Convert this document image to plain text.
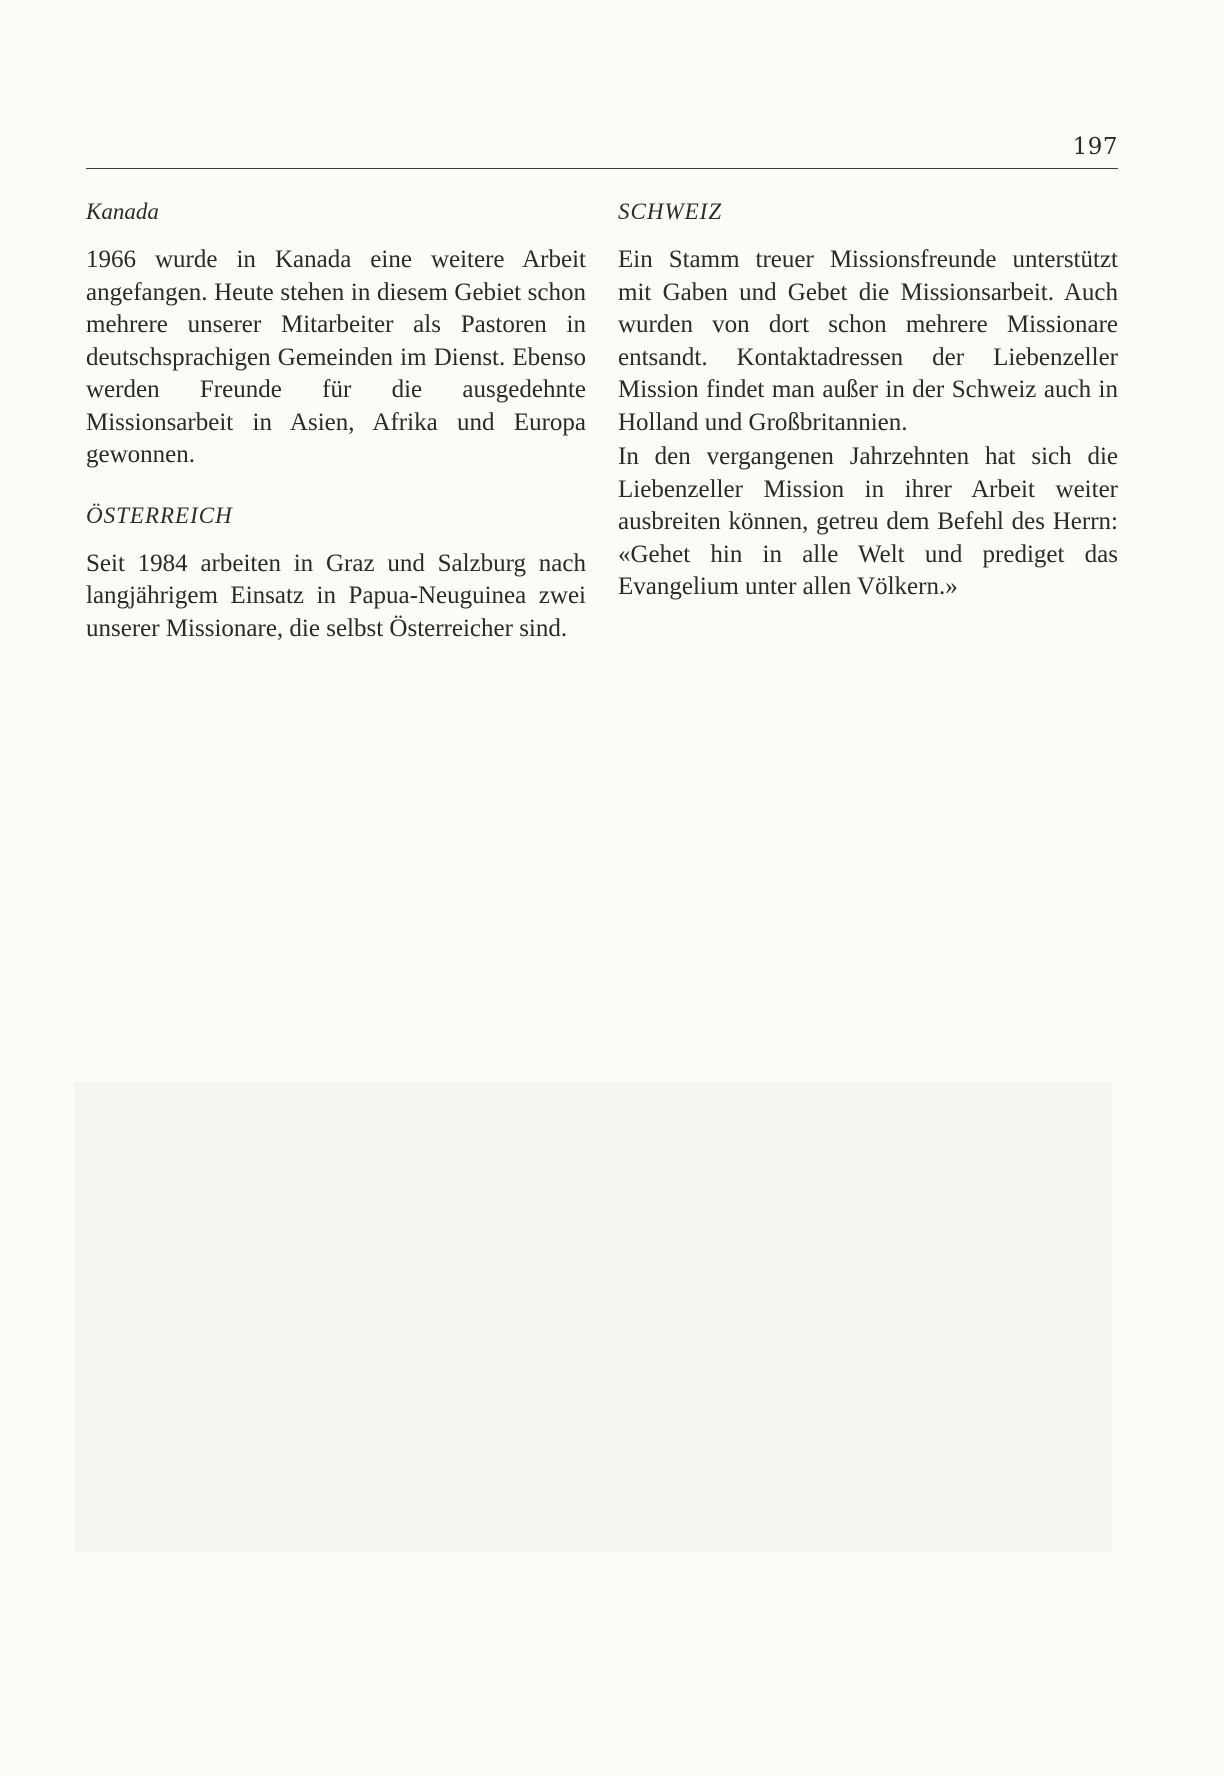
197
Kanada

1966 wurde in Kanada eine weitere Arbeit angefangen. Heute stehen in diesem Gebiet schon mehrere unserer Mitarbeiter als Pastoren in deutschsprachigen Gemeinden im Dienst. Ebenso werden Freunde für die ausgedehnte Missionsarbeit in Asien, Afrika und Europa gewonnen.

ÖSTERREICH

Seit 1984 arbeiten in Graz und Salzburg nach langjährigem Einsatz in Papua-Neuguinea zwei unserer Missionare, die selbst Österreicher sind.

SCHWEIZ

Ein Stamm treuer Missionsfreunde unterstützt mit Gaben und Gebet die Missionsarbeit. Auch wurden von dort schon mehrere Missionare entsandt. Kontaktadressen der Liebenzeller Mission findet man außer in der Schweiz auch in Holland und Großbritannien.

In den vergangenen Jahrzehnten hat sich die Liebenzeller Mission in ihrer Arbeit weiter ausbreiten können, getreu dem Befehl des Herrn: «Gehet hin in alle Welt und prediget das Evangelium unter allen Völkern.»
